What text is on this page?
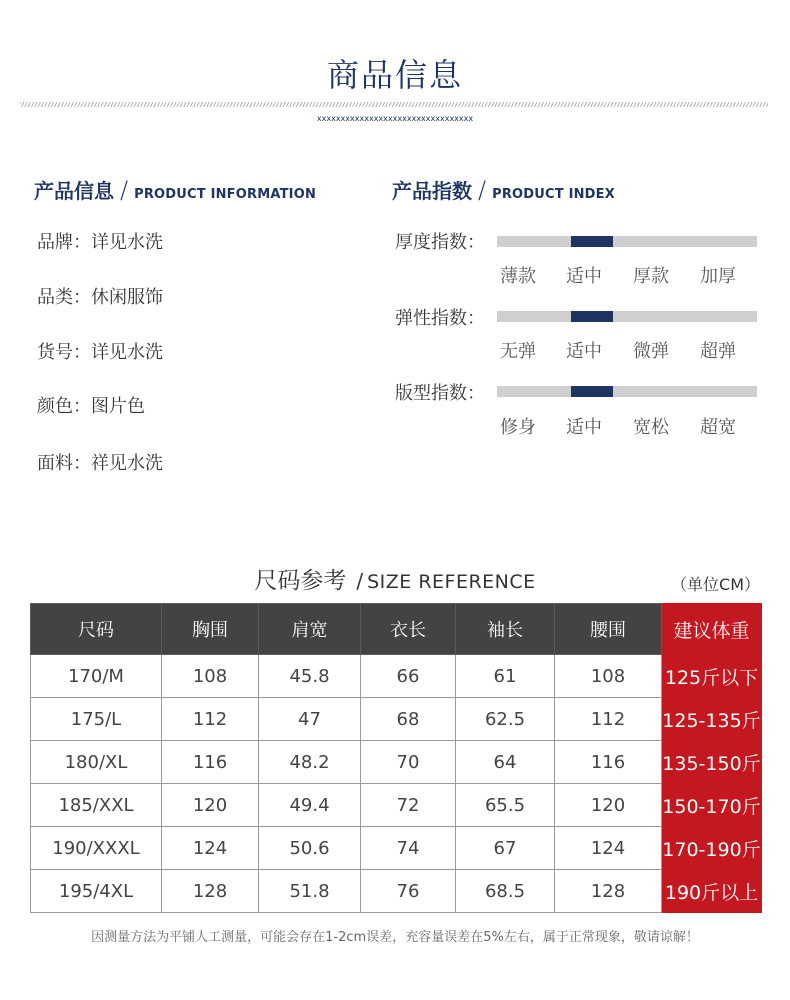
商品信息
xxxxxxxxxxxxxxxxxxxxxxxxxxxxxxxxx
产品信息 / PRODUCT INFORMATION
品牌：详见水洗
品类：休闲服饰
货号：详见水洗
颜色：图片色
面料：祥见水洗
产品指数 / PRODUCT INDEX
厚度指数：
薄款	适中	厚款	加厚
弹性指数：
无弹	适中	微弹	超弹
版型指数：
修身	适中	宽松	超宽
尺码参考 / SIZE REFERENCE	（单位CM）
尺码	胸围	肩宽	衣长	袖长	腰围	建议体重
170/M	108	45.8	66	61	108	125斤以下
175/L	112	47	68	62.5	112	125-135斤
180/XL	116	48.2	70	64	116	135-150斤
185/XXL	120	49.4	72	65.5	120	150-170斤
190/XXXL	124	50.6	74	67	124	170-190斤
195/4XL	128	51.8	76	68.5	128	190斤以上
因测量方法为平铺人工测量，可能会存在1-2cm误差，充容量误差在5%左右，属于正常现象，敬请谅解！
